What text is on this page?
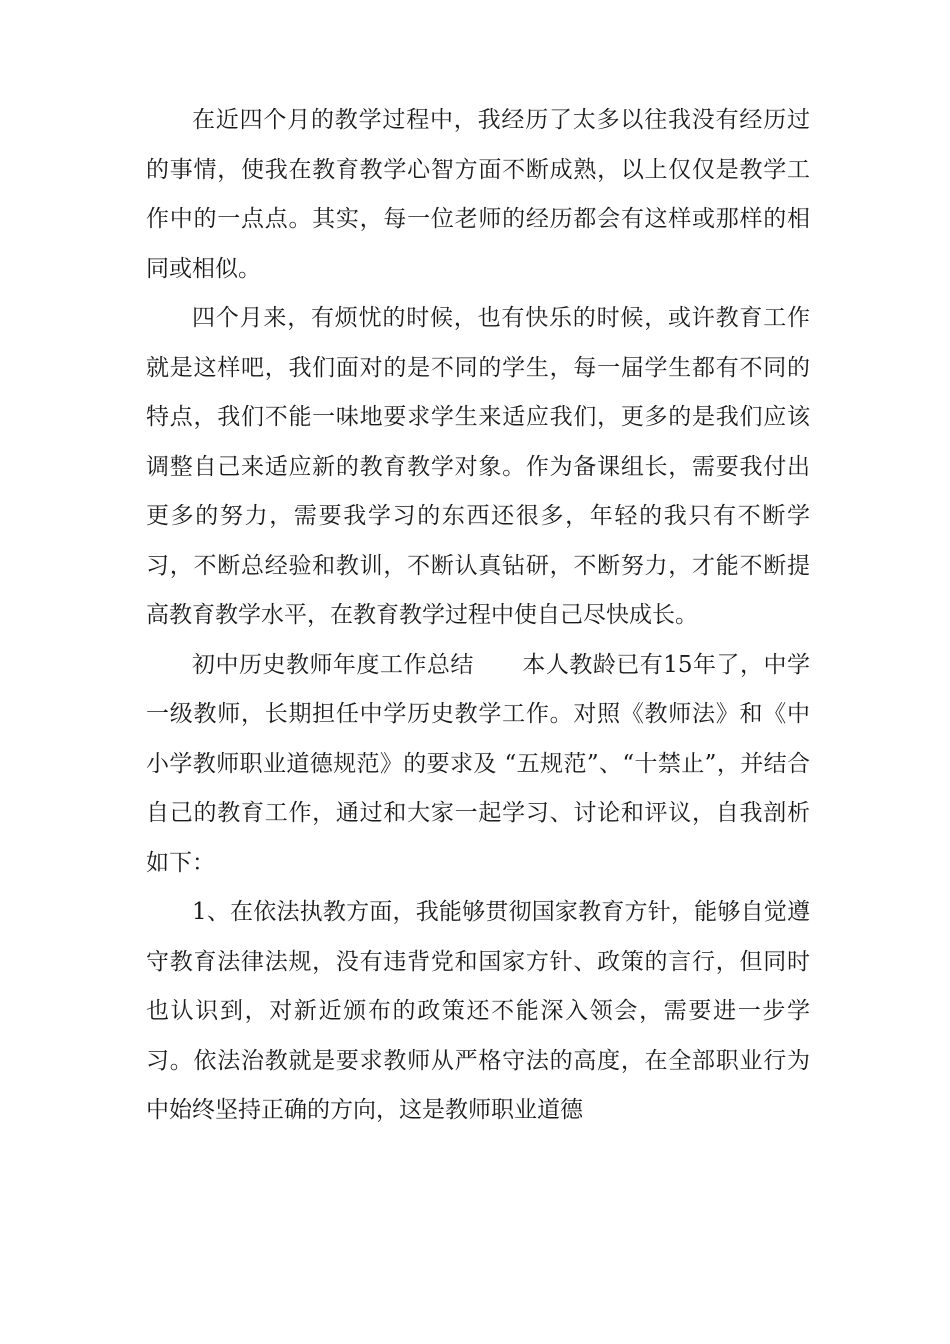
在近四个月的教学过程中，我经历了太多以往我没有经历过的事情，使我在教育教学心智方面不断成熟，以上仅仅是教学工作中的一点点。其实，每一位老师的经历都会有这样或那样的相同或相似。

四个月来，有烦忧的时候，也有快乐的时候，或许教育工作就是这样吧，我们面对的是不同的学生，每一届学生都有不同的特点，我们不能一味地要求学生来适应我们，更多的是我们应该调整自己来适应新的教育教学对象。作为备课组长，需要我付出更多的努力，需要我学习的东西还很多，年轻的我只有不断学习，不断总经验和教训，不断认真钻研，不断努力，才能不断提高教育教学水平，在教育教学过程中使自己尽快成长。

初中历史教师年度工作总结 本人教龄已有15年了，中学一级教师，长期担任中学历史教学工作。对照《教师法》和《中小学教师职业道德规范》的要求及 “五规范”、“十禁止”，并结合自己的教育工作，通过和大家一起学习、讨论和评议，自我剖析如下：

1、在依法执教方面，我能够贯彻国家教育方针，能够自觉遵守教育法律法规，没有违背党和国家方针、政策的言行，但同时也认识到，对新近颁布的政策还不能深入领会，需要进一步学习。依法治教就是要求教师从严格守法的高度，在全部职业行为中始终坚持正确的方向，这是教师职业道德
